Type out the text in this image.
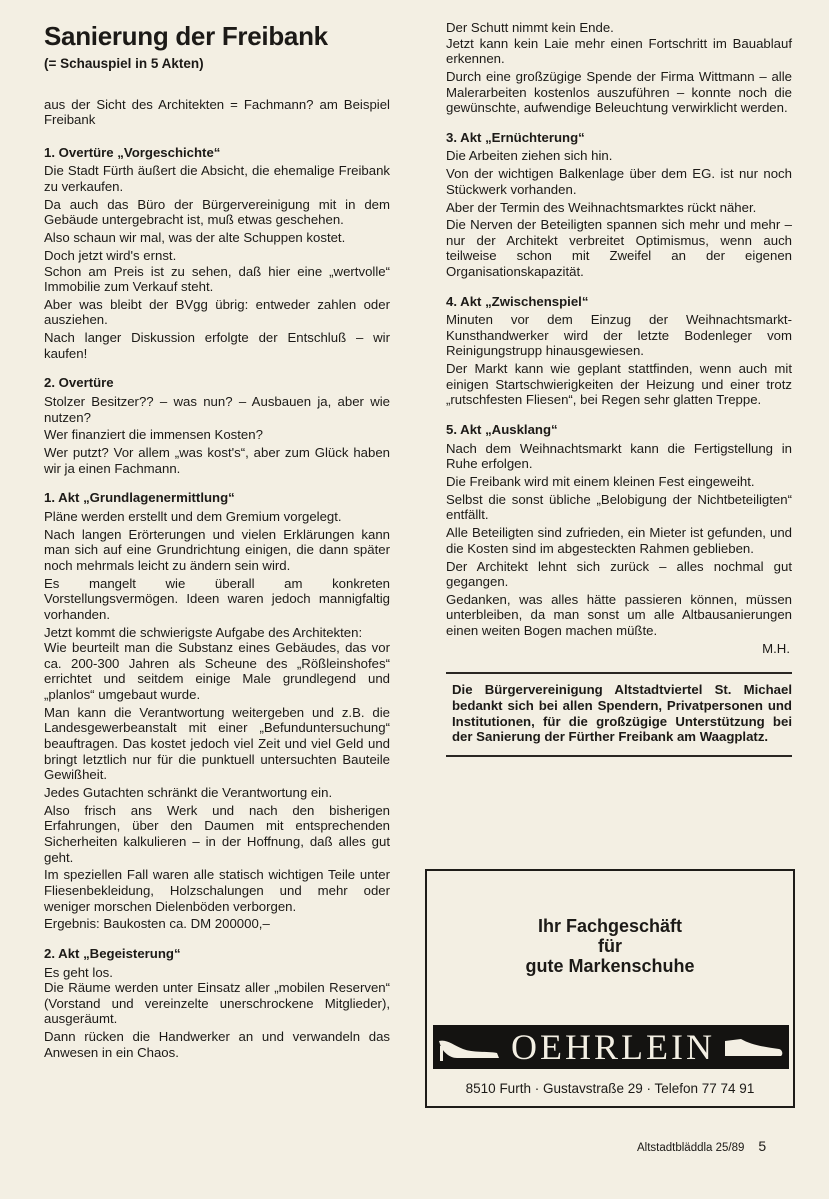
Sanierung der Freibank
(= Schauspiel in 5 Akten)

aus der Sicht des Architekten = Fachmann? am Beispiel Freibank

1. Overtüre „Vorgeschichte“

Die Stadt Fürth äußert die Absicht, die ehemalige Freibank zu verkaufen.

Da auch das Büro der Bürgervereinigung mit in dem Gebäude untergebracht ist, muß etwas geschehen.

Also schaun wir mal, was der alte Schuppen kostet.

Doch jetzt wird's ernst.

Schon am Preis ist zu sehen, daß hier eine „wertvolle“ Immobilie zum Verkauf steht.

Aber was bleibt der BVgg übrig: entweder zahlen oder ausziehen.

Nach langer Diskussion erfolgte der Entschluß – wir kaufen!

2. Overtüre

Stolzer Besitzer?? – was nun? – Ausbauen ja, aber wie nutzen?

Wer finanziert die immensen Kosten?

Wer putzt? Vor allem „was kost's“, aber zum Glück haben wir ja einen Fachmann.

1. Akt „Grundlagenermittlung“

Pläne werden erstellt und dem Gremium vorgelegt.

Nach langen Erörterungen und vielen Erklärungen kann man sich auf eine Grundrichtung einigen, die dann später noch mehrmals leicht zu ändern sein wird.

Es mangelt wie überall am konkreten Vorstellungsvermögen. Ideen waren jedoch mannigfaltig vorhanden.

Jetzt kommt die schwierigste Aufgabe des Architekten:

Wie beurteilt man die Substanz eines Gebäudes, das vor ca. 200-300 Jahren als Scheune des „Rößleinshofes“ errichtet und seitdem einige Male grundlegend und „planlos“ umgebaut wurde.

Man kann die Verantwortung weitergeben und z.B. die Landesgewerbeanstalt mit einer „Befunduntersuchung“ beauftragen. Das kostet jedoch viel Zeit und viel Geld und bringt letztlich nur für die punktuell untersuchten Bauteile Gewißheit.

Jedes Gutachten schränkt die Verantwortung ein.

Also frisch ans Werk und nach den bisherigen Erfahrungen, über den Daumen mit entsprechenden Sicherheiten kalkulieren – in der Hoffnung, daß alles gut geht.

Im speziellen Fall waren alle statisch wichtigen Teile unter Fliesenbekleidung, Holzschalungen und mehr oder weniger morschen Dielenböden verborgen.

Ergebnis: Baukosten ca. DM 200000,–

2. Akt „Begeisterung“

Es geht los.

Die Räume werden unter Einsatz aller „mobilen Reserven“ (Vorstand und vereinzelte unerschrockene Mitglieder), ausgeräumt.

Dann rücken die Handwerker an und verwandeln das Anwesen in ein Chaos.

Der Schutt nimmt kein Ende.

Jetzt kann kein Laie mehr einen Fortschritt im Bauablauf erkennen.

Durch eine großzügige Spende der Firma Wittmann – alle Malerarbeiten kostenlos auszuführen – konnte noch die gewünschte, aufwendige Beleuchtung verwirklicht werden.

3. Akt „Ernüchterung“

Die Arbeiten ziehen sich hin.

Von der wichtigen Balkenlage über dem EG. ist nur noch Stückwerk vorhanden.

Aber der Termin des Weihnachtsmarktes rückt näher.

Die Nerven der Beteiligten spannen sich mehr und mehr – nur der Architekt verbreitet Optimismus, wenn auch teilweise schon mit Zweifel an der eigenen Organisationskapazität.

4. Akt „Zwischenspiel“

Minuten vor dem Einzug der Weihnachtsmarkt-Kunsthandwerker wird der letzte Bodenleger vom Reinigungstrupp hinausgewiesen.

Der Markt kann wie geplant stattfinden, wenn auch mit einigen Startschwierigkeiten der Heizung und einer trotz „rutschfesten Fliesen“, bei Regen sehr glatten Treppe.

5. Akt „Ausklang“

Nach dem Weihnachtsmarkt kann die Fertigstellung in Ruhe erfolgen.

Die Freibank wird mit einem kleinen Fest eingeweiht.

Selbst die sonst übliche „Belobigung der Nichtbeteiligten“ entfällt.

Alle Beteiligten sind zufrieden, ein Mieter ist gefunden, und die Kosten sind im abgesteckten Rahmen geblieben.

Der Architekt lehnt sich zurück – alles nochmal gut gegangen.

Gedanken, was alles hätte passieren können, müssen unterbleiben, da man sonst um alle Altbausanierungen einen weiten Bogen machen müßte.

M.H.

Die Bürgervereinigung Altstadtviertel St. Michael bedankt sich bei allen Spendern, Privatpersonen und Institutionen, für die großzügige Unterstützung bei der Sanierung der Fürther Freibank am Waagplatz.

Ihr Fachgeschäft
für
gute Markenschuhe
OEHRLEIN
8510 Furth · Gustavstraße 29 · Telefon 77 74 91
Altstadtbläddla 25/89 5
